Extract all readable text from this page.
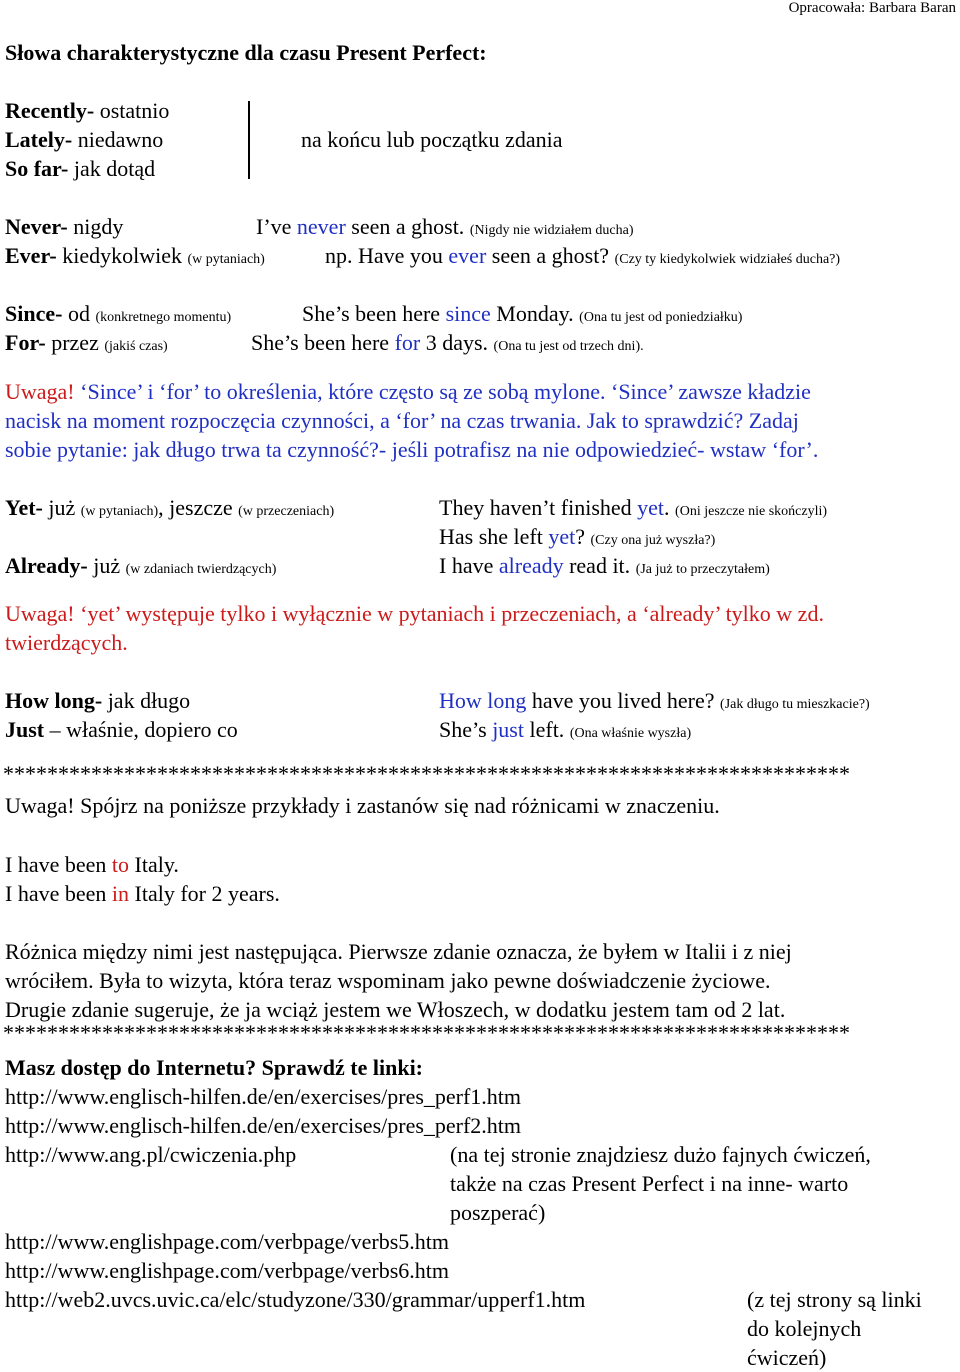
Opracowała: Barbara Baran
Słowa charakterystyczne dla czasu Present Perfect:
Recently- ostatnio
Lately- niedawno
So far- jak dotąd
na końcu lub początku zdania
Never- nigdy	I’ve never seen a ghost. (Nigdy nie widziałem ducha)
Ever- kiedykolwiek (w pytaniach)	np. Have you ever seen a ghost? (Czy ty kiedykolwiek widziałeś ducha?)
Since- od (konkretnego momentu)	She’s been here since Monday. (Ona tu jest od poniedziałku)
For- przez (jakiś czas)	She’s been here for 3 days. (Ona tu jest od trzech dni).
Uwaga! ‘Since’ i ‘for’ to określenia, które często są ze sobą mylone. ‘Since’ zawsze kładzie
nacisk na moment rozpoczęcia czynności, a ‘for’ na czas trwania. Jak to sprawdzić? Zadaj
sobie pytanie: jak długo trwa ta czynność?- jeśli potrafisz na nie odpowiedzieć- wstaw ‘for’.
Yet- już (w pytaniach), jeszcze (w przeczeniach)	They haven’t finished yet. (Oni jeszcze nie skończyli)
Has she left yet? (Czy ona już wyszła?)
Already- już (w zdaniach twierdzących)	I have already read it. (Ja już to przeczytałem)
Uwaga! ‘yet’ występuje tylko i wyłącznie w pytaniach i przeczeniach, a ‘already’ tylko w zd.
twierdzących.
How long- jak długo	How long have you lived here? (Jak długo tu mieszkacie?)
Just – właśnie, dopiero co	She’s just left. (Ona właśnie wyszła)
*****************************************************************************
Uwaga! Spójrz na poniższe przykłady i zastanów się nad różnicami w znaczeniu.
I have been to Italy.
I have been in Italy for 2 years.
Różnica między nimi jest następująca. Pierwsze zdanie oznacza, że byłem w Italii i z niej
wróciłem. Była to wizyta, która teraz wspominam jako pewne doświadczenie życiowe.
Drugie zdanie sugeruje, że ja wciąż jestem we Włoszech, w dodatku jestem tam od 2 lat.
*****************************************************************************
Masz dostęp do Internetu? Sprawdź te linki:
http://www.englisch-hilfen.de/en/exercises/pres_perf1.htm
http://www.englisch-hilfen.de/en/exercises/pres_perf2.htm
http://www.ang.pl/cwiczenia.php	(na tej stronie znajdziesz dużo fajnych ćwiczeń,
także na czas Present Perfect i na inne- warto
poszperać)
http://www.englishpage.com/verbpage/verbs5.htm
http://www.englishpage.com/verbpage/verbs6.htm
http://web2.uvcs.uvic.ca/elc/studyzone/330/grammar/upperf1.htm	(z tej strony są linki
do kolejnych
ćwiczeń)
